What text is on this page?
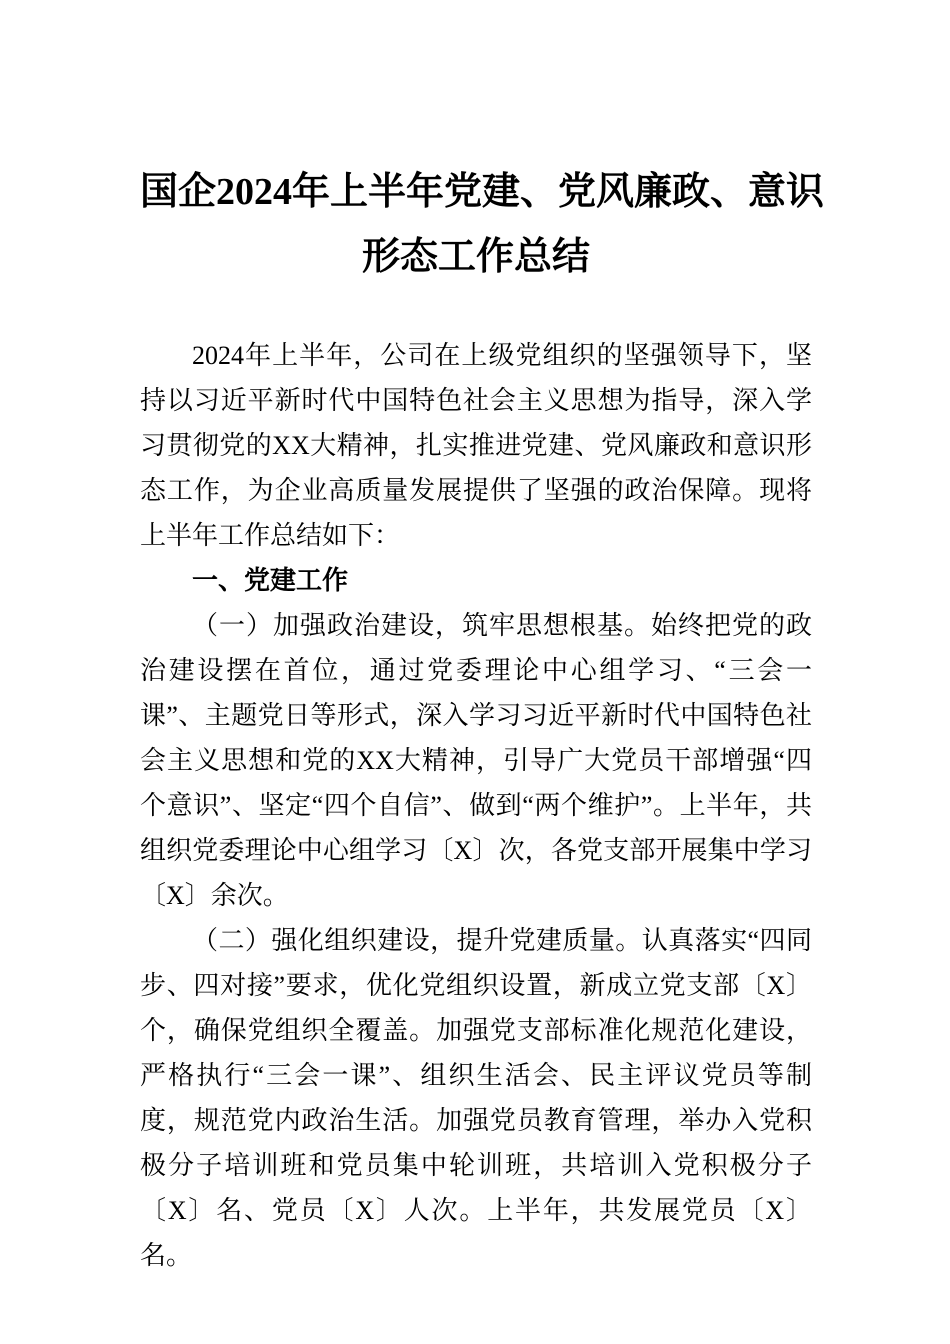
国企2024年上半年党建、党风廉政、意识
形态工作总结

2024年上半年，公司在上级党组织的坚强领导下，坚持以习近平新时代中国特色社会主义思想为指导，深入学习贯彻党的XX大精神，扎实推进党建、党风廉政和意识形态工作，为企业高质量发展提供了坚强的政治保障。现将上半年工作总结如下：

一、党建工作

（一）加强政治建设，筑牢思想根基。始终把党的政治建设摆在首位，通过党委理论中心组学习、“三会一课”、主题党日等形式，深入学习习近平新时代中国特色社会主义思想和党的XX大精神，引导广大党员干部增强“四个意识”、坚定“四个自信”、做到“两个维护”。上半年，共组织党委理论中心组学习〔X〕次，各党支部开展集中学习〔X〕余次。

（二）强化组织建设，提升党建质量。认真落实“四同步、四对接”要求，优化党组织设置，新成立党支部〔X〕个，确保党组织全覆盖。加强党支部标准化规范化建设，严格执行“三会一课”、组织生活会、民主评议党员等制度，规范党内政治生活。加强党员教育管理，举办入党积极分子培训班和党员集中轮训班，共培训入党积极分子〔X〕名、党员〔X〕人次。上半年，共发展党员〔X〕名。
